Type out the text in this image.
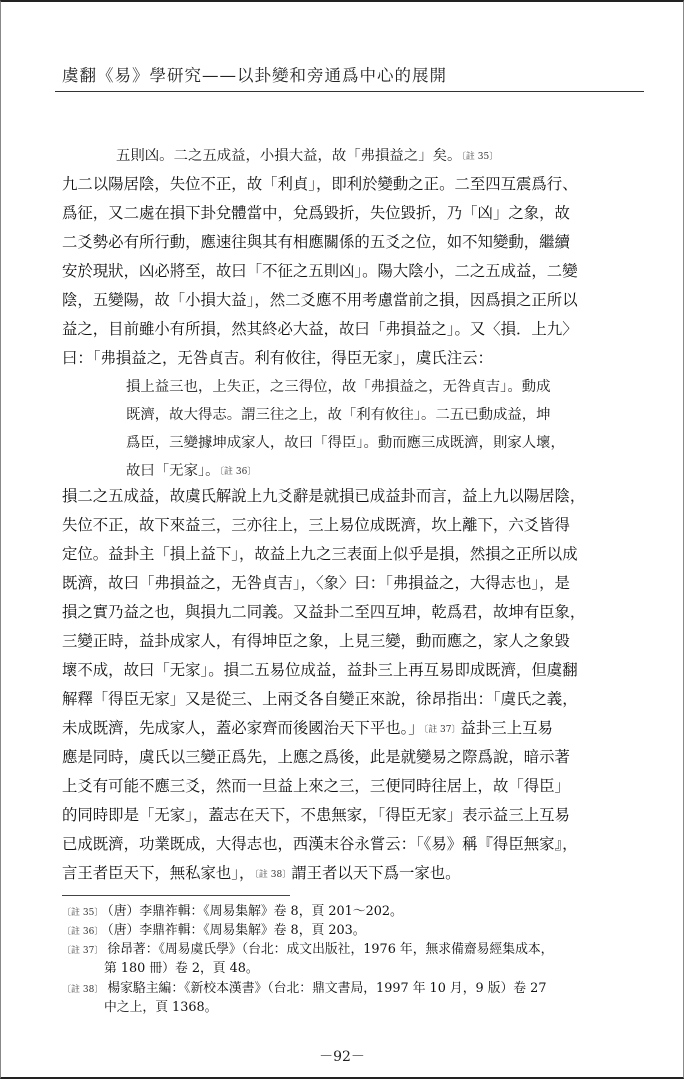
虞翻《易》學研究——以卦變和旁通爲中心的展開
五則凶。二之五成益，小損大益，故「弗損益之」矣。〔註 35〕
九二以陽居陰，失位不正，故「利貞」，即利於變動之正。二至四互震爲行、
爲征，又二處在損下卦兌體當中，兌爲毀折，失位毀折，乃「凶」之象，故
二爻勢必有所行動，應速往與其有相應關係的五爻之位，如不知變動，繼續
安於現狀，凶必將至，故曰「不征之五則凶」。陽大陰小，二之五成益，二變
陰，五變陽，故「小損大益」，然二爻應不用考慮當前之損，因爲損之正所以
益之，目前雖小有所損，然其終必大益，故曰「弗損益之」。又〈損．上九〉
曰：「弗損益之，无咎貞吉。利有攸往，得臣无家」，虞氏注云：
損上益三也，上失正，之三得位，故「弗損益之，无咎貞吉」。動成
既濟，故大得志。謂三往之上，故「利有攸往」。二五已動成益，坤
爲臣，三變據坤成家人，故曰「得臣」。動而應三成既濟，則家人壞，
故曰「无家」。〔註 36〕
損二之五成益，故虞氏解說上九爻辭是就損已成益卦而言，益上九以陽居陰，
失位不正，故下來益三，三亦往上，三上易位成既濟，坎上離下，六爻皆得
定位。益卦主「損上益下」，故益上九之三表面上似乎是損，然損之正所以成
既濟，故曰「弗損益之，无咎貞吉」，〈象〉曰：「弗損益之，大得志也」，是
損之實乃益之也，與損九二同義。又益卦二至四互坤，乾爲君，故坤有臣象，
三變正時，益卦成家人，有得坤臣之象，上見三變，動而應之，家人之象毀
壞不成，故曰「无家」。損二五易位成益，益卦三上再互易即成既濟，但虞翻
解釋「得臣无家」又是從三、上兩爻各自變正來說，徐昂指出：「虞氏之義，
未成既濟，先成家人，蓋必家齊而後國治天下平也。」〔註 37〕益卦三上互易
應是同時，虞氏以三變正爲先，上應之爲後，此是就變易之際爲說，暗示著
上爻有可能不應三爻，然而一旦益上來之三，三便同時往居上，故「得臣」
的同時即是「无家」，蓋志在天下，不患無家，「得臣无家」表示益三上互易
已成既濟，功業既成，大得志也，西漢末谷永嘗云：「《易》稱『得臣無家』，
言王者臣天下，無私家也」，〔註 38〕謂王者以天下爲一家也。
〔註 35〕 （唐）李鼎祚輯：《周易集解》卷 8，頁 201～202。
〔註 36〕 （唐）李鼎祚輯：《周易集解》卷 8，頁 203。
〔註 37〕 徐昂著：《周易虞氏學》（台北：成文出版社，1976 年，無求備齋易經集成本，
第 180 冊）卷 2，頁 48。
〔註 38〕 楊家駱主編：《新校本漢書》（台北：鼎文書局，1997 年 10 月，9 版）卷 27
中之上，頁 1368。
－92－
